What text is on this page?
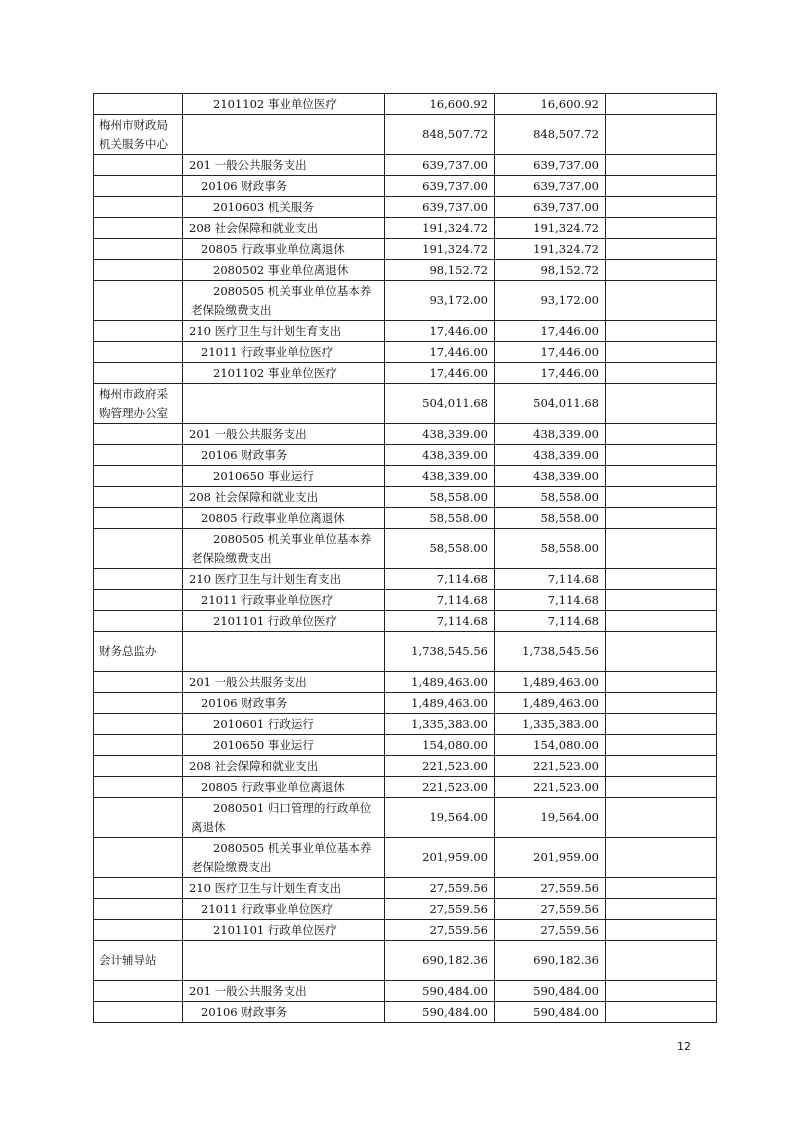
	2101102 事业单位医疗	16,600.92	16,600.92	
梅州市财政局机关服务中心		848,507.72	848,507.72	
	201 一般公共服务支出	639,737.00	639,737.00	
	20106 财政事务	639,737.00	639,737.00	
	2010603 机关服务	639,737.00	639,737.00	
	208 社会保障和就业支出	191,324.72	191,324.72	
	20805 行政事业单位离退休	191,324.72	191,324.72	
	2080502 事业单位离退休	98,152.72	98,152.72	
	2080505 机关事业单位基本养老保险缴费支出	93,172.00	93,172.00	
	210 医疗卫生与计划生育支出	17,446.00	17,446.00	
	21011 行政事业单位医疗	17,446.00	17,446.00	
	2101102 事业单位医疗	17,446.00	17,446.00	
梅州市政府采购管理办公室		504,011.68	504,011.68	
	201 一般公共服务支出	438,339.00	438,339.00	
	20106 财政事务	438,339.00	438,339.00	
	2010650 事业运行	438,339.00	438,339.00	
	208 社会保障和就业支出	58,558.00	58,558.00	
	20805 行政事业单位离退休	58,558.00	58,558.00	
	2080505 机关事业单位基本养老保险缴费支出	58,558.00	58,558.00	
	210 医疗卫生与计划生育支出	7,114.68	7,114.68	
	21011 行政事业单位医疗	7,114.68	7,114.68	
	2101101 行政单位医疗	7,114.68	7,114.68	
财务总监办		1,738,545.56	1,738,545.56	
	201 一般公共服务支出	1,489,463.00	1,489,463.00	
	20106 财政事务	1,489,463.00	1,489,463.00	
	2010601 行政运行	1,335,383.00	1,335,383.00	
	2010650 事业运行	154,080.00	154,080.00	
	208 社会保障和就业支出	221,523.00	221,523.00	
	20805 行政事业单位离退休	221,523.00	221,523.00	
	2080501 归口管理的行政单位离退休	19,564.00	19,564.00	
	2080505 机关事业单位基本养老保险缴费支出	201,959.00	201,959.00	
	210 医疗卫生与计划生育支出	27,559.56	27,559.56	
	21011 行政事业单位医疗	27,559.56	27,559.56	
	2101101 行政单位医疗	27,559.56	27,559.56	
会计辅导站		690,182.36	690,182.36	
	201 一般公共服务支出	590,484.00	590,484.00	
	20106 财政事务	590,484.00	590,484.00	
12
